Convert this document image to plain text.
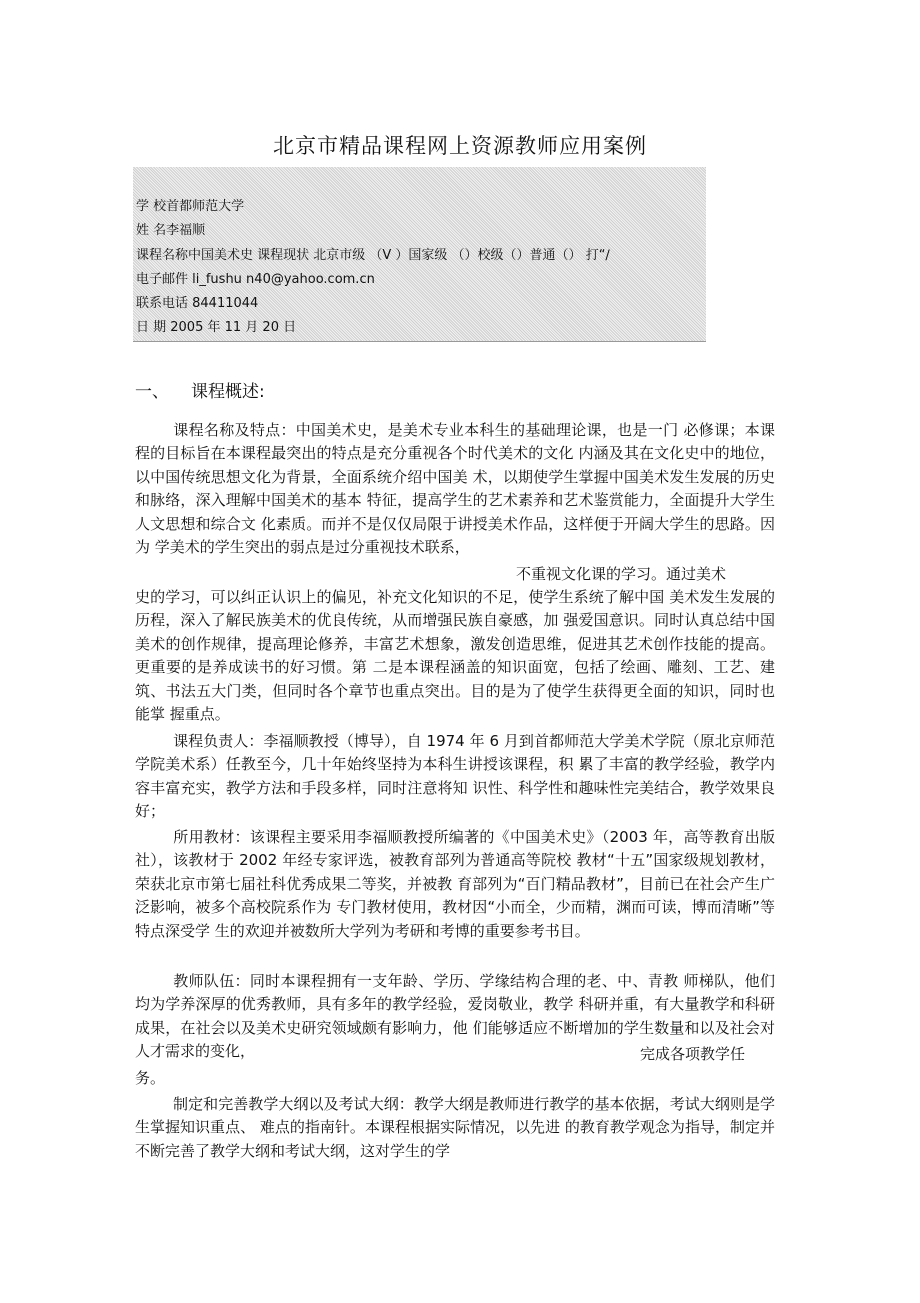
北京市精品课程网上资源教师应用案例
学 校首都师范大学
姓 名李福顺
课程名称中国美术史 课程现状 北京市级 （V ）国家级 （）校级（）普通（） 打“∕
电子邮件 li_fushu n40@yahoo.com.cn
联系电话 84411044
日 期 2005 年 11 月 20 日
一、 课程概述:

课程名称及特点：中国美术史，是美术专业本科生的基础理论课，也是一门 必修课；本课程的目标旨在本课程最突出的特点是充分重视各个时代美术的文化 内涵及其在文化史中的地位，以中国传统思想文化为背景，全面系统介绍中国美 术，以期使学生掌握中国美术发生发展的历史和脉络，深入理解中国美术的基本 特征，提高学生的艺术素养和艺术鉴赏能力，全面提升大学生人文思想和综合文 化素质。而并不是仅仅局限于讲授美术作品，这样便于开阔大学生的思路。因为 学美术的学生突出的弱点是过分重视技术联系，

不重视文化课的学习。通过美术

史的学习，可以纠正认识上的偏见，补充文化知识的不足，使学生系统了解中国 美术发生发展的历程，深入了解民族美术的优良传统，从而增强民族自豪感，加 强爱国意识。同时认真总结中国美术的创作规律，提高理论修养，丰富艺术想象，激发创造思维，促进其艺术创作技能的提高。更重要的是养成读书的好习惯。第 二是本课程涵盖的知识面宽，包括了绘画、雕刻、工艺、建筑、书法五大门类，但同时各个章节也重点突出。目的是为了使学生获得更全面的知识，同时也能掌 握重点。

课程负责人：李福顺教授（博导），自 1974 年 6 月到首都师范大学美术学院（原北京师范学院美术系）任教至今，几十年始终坚持为本科生讲授该课程，积 累了丰富的教学经验，教学内容丰富充实，教学方法和手段多样，同时注意将知 识性、科学性和趣味性完美结合，教学效果良好；

所用教材：该课程主要采用李福顺教授所编著的《中国美术史》（2003 年，高等教育出版社），该教材于 2002 年经专家评选，被教育部列为普通高等院校 教材“十五”国家级规划教材，荣获北京市第七届社科优秀成果二等奖，并被教 育部列为“百门精品教材”，目前已在社会产生广泛影响，被多个高校院系作为 专门教材使用，教材因“小而全，少而精，渊而可读，博而清晰”等特点深受学 生的欢迎并被数所大学列为考研和考博的重要参考书目。

教师队伍：同时本课程拥有一支年龄、学历、学缘结构合理的老、中、青教 师梯队，他们均为学养深厚的优秀教师，具有多年的教学经验，爱岗敬业，教学 科研并重，有大量教学和科研成果，在社会以及美术史研究领域颇有影响力，他 们能够适应不断增加的学生数量和以及社会对人才需求的变化，	完成各项教学任
务。

制定和完善教学大纲以及考试大纲：教学大纲是教师进行教学的基本依据，考试大纲则是学生掌握知识重点、 难点的指南针。本课程根据实际情况，以先进 的教育教学观念为指导，制定并不断完善了教学大纲和考试大纲，这对学生的学
